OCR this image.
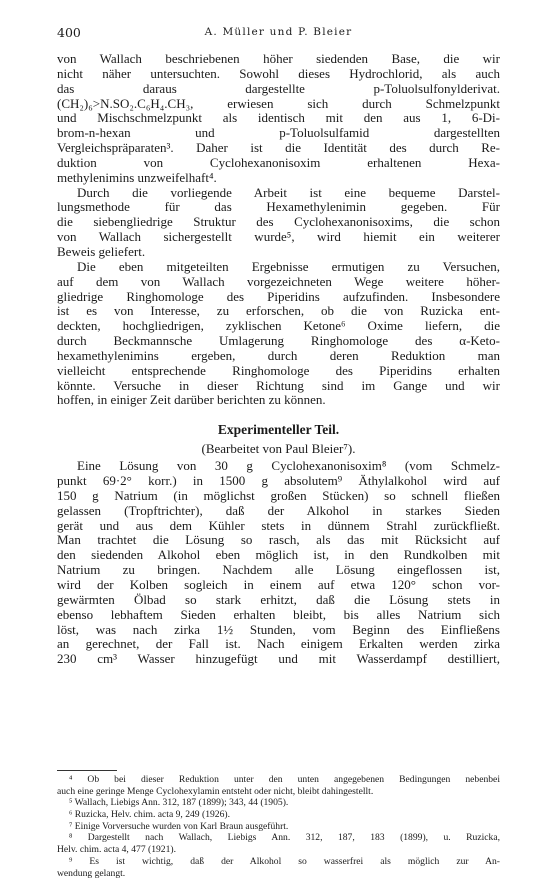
400	A. Müller und P. Bleier
von Wallach beschriebenen höher siedenden Base, die wir
nicht näher untersuchten. Sowohl dieses Hydrochlorid, als auch
das daraus dargestellte p-Toluolsulfonylderivat.
(CH₂)₆>N.SO₂.C₆H₄.CH₃, erwiesen sich durch Schmelzpunkt
und Mischschmelzpunkt als identisch mit den aus 1, 6-Di-
brom-n-hexan und p-Toluolsulfamid dargestellten
Vergleichspräparaten³. Daher ist die Identität des durch Re-
duktion von Cyclohexanonisoxim erhaltenen Hexa-
methylenimins unzweifelhaft⁴.
Durch die vorliegende Arbeit ist eine bequeme Darstel-
lungsmethode für das Hexamethylenimin gegeben. Für
die siebengliedrige Struktur des Cyclohexanonisoxims, die schon
von Wallach sichergestellt wurde⁵, wird hiemit ein weiterer
Beweis geliefert.
Die eben mitgeteilten Ergebnisse ermutigen zu Versuchen,
auf dem von Wallach vorgezeichneten Wege weitere höher-
gliedrige Ringhomologe des Piperidins aufzufinden. Insbesondere
ist es von Interesse, zu erforschen, ob die von Ruzicka ent-
deckten, hochgliedrigen, zyklischen Ketone⁶ Oxime liefern, die
durch Beckmannsche Umlagerung Ringhomologe des α-Keto-
hexamethylenimins ergeben, durch deren Reduktion man
vielleicht entsprechende Ringhomologe des Piperidins erhalten
könnte. Versuche in dieser Richtung sind im Gange und wir
hoffen, in einiger Zeit darüber berichten zu können.
Experimenteller Teil.
(Bearbeitet von Paul Bleier⁷).
Eine Lösung von 30 g Cyclohexanonisoxim⁸ (vom Schmelz-
punkt 69·2° korr.) in 1500 g absolutem⁹ Äthylalkohol wird auf
150 g Natrium (in möglichst großen Stücken) so schnell fließen
gelassen (Tropftrichter), daß der Alkohol in starkes Sieden
gerät und aus dem Kühler stets in dünnem Strahl zurückfließt.
Man trachtet die Lösung so rasch, als das mit Rücksicht auf
den siedenden Alkohol eben möglich ist, in den Rundkolben mit
Natrium zu bringen. Nachdem alle Lösung eingeflossen ist,
wird der Kolben sogleich in einem auf etwa 120° schon vor-
gewärmten Ölbad so stark erhitzt, daß die Lösung stets in
ebenso lebhaftem Sieden erhalten bleibt, bis alles Natrium sich
löst, was nach zirka 1½ Stunden, vom Beginn des Einfließens
an gerechnet, der Fall ist. Nach einigem Erkalten werden zirka
230 cm³ Wasser hinzugefügt und mit Wasserdampf destilliert,
⁴ Ob bei dieser Reduktion unter den unten angegebenen Bedingungen nebenbei
auch eine geringe Menge Cyclohexylamin entsteht oder nicht, bleibt dahingestellt.
⁵ Wallach, Liebigs Ann. 312, 187 (1899); 343, 44 (1905).
⁶ Ruzicka, Helv. chim. acta 9, 249 (1926).
⁷ Einige Vorversuche wurden von Karl Braun ausgeführt.
⁸ Dargestellt nach Wallach, Liebigs Ann. 312, 187, 183 (1899), u. Ruzicka,
Helv. chim. acta 4, 477 (1921).
⁹ Es ist wichtig, daß der Alkohol so wasserfrei als möglich zur An-
wendung gelangt.
